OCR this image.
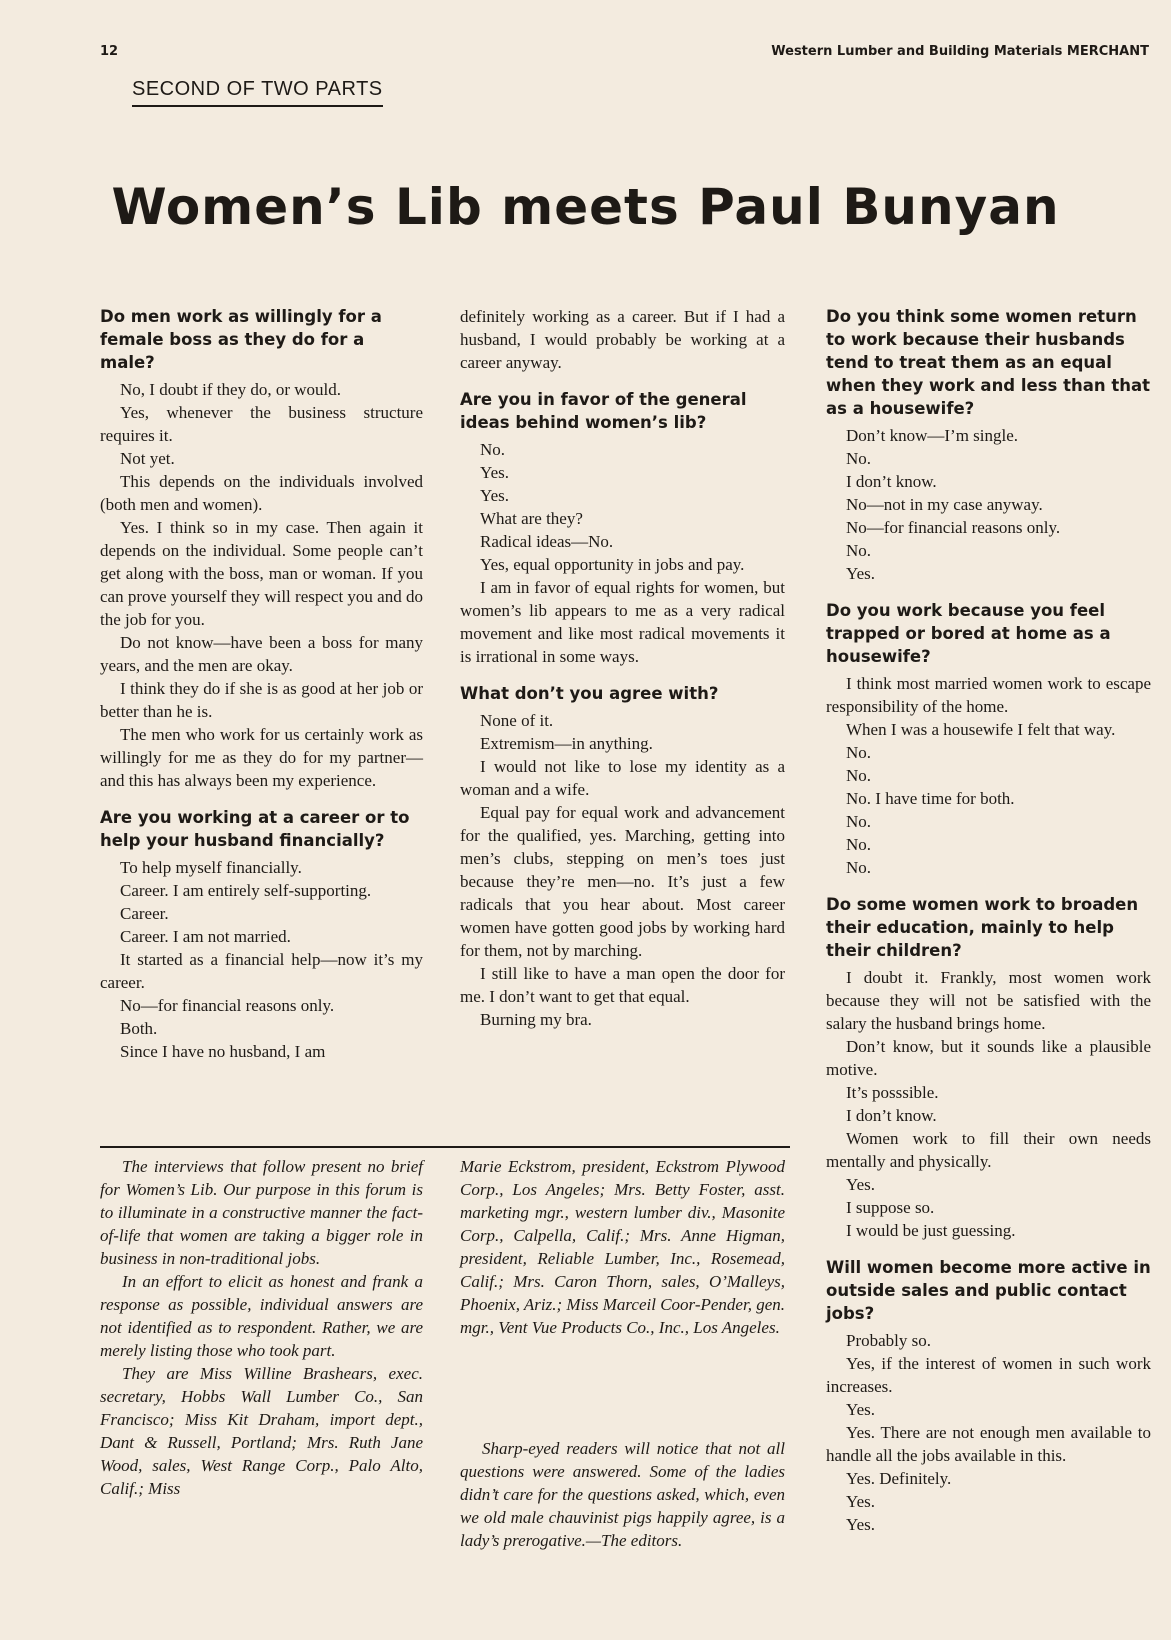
12	Western Lumber and Building Materials MERCHANT
SECOND OF TWO PARTS
Women’s Lib meets Paul Bunyan
Do men work as willingly for a female boss as they do for a male?

No, I doubt if they do, or would.

Yes, whenever the business structure requires it.

Not yet.

This depends on the individuals involved (both men and women).

Yes. I think so in my case. Then again it depends on the individual. Some people can’t get along with the boss, man or woman. If you can prove yourself they will respect you and do the job for you.

Do not know—have been a boss for many years, and the men are okay.

I think they do if she is as good at her job or better than he is.

The men who work for us certainly work as willingly for me as they do for my partner—and this has always been my experience.

Are you working at a career or to help your husband financially?

To help myself financially.

Career. I am entirely self-supporting.

Career.

Career. I am not married.

It started as a financial help—now it’s my career.

No—for financial reasons only.

Both.

Since I have no husband, I am

definitely working as a career. But if I had a husband, I would probably be working at a career anyway.

Are you in favor of the general ideas behind women’s lib?

No.

Yes.

Yes.

What are they?

Radical ideas—No.

Yes, equal opportunity in jobs and pay.

I am in favor of equal rights for women, but women’s lib appears to me as a very radical movement and like most radical movements it is irrational in some ways.

What don’t you agree with?

None of it.

Extremism—in anything.

I would not like to lose my identity as a woman and a wife.

Equal pay for equal work and advancement for the qualified, yes. Marching, getting into men’s clubs, stepping on men’s toes just because they’re men—no. It’s just a few radicals that you hear about. Most career women have gotten good jobs by working hard for them, not by marching.

I still like to have a man open the door for me. I don’t want to get that equal.

Burning my bra.

Do you think some women return to work because their husbands tend to treat them as an equal when they work and less than that as a housewife?

Don’t know—I’m single.

No.

I don’t know.

No—not in my case anyway.

No—for financial reasons only.

No.

Yes.

Do you work because you feel trapped or bored at home as a housewife?

I think most married women work to escape responsibility of the home.

When I was a housewife I felt that way.

No.

No.

No. I have time for both.

No.

No.

No.

Do some women work to broaden their education, mainly to help their children?

I doubt it. Frankly, most women work because they will not be satisfied with the salary the husband brings home.

Don’t know, but it sounds like a plausible motive.

It’s posssible.

I don’t know.

Women work to fill their own needs mentally and physically.

Yes.

I suppose so.

I would be just guessing.

Will women become more active in outside sales and public contact jobs?

Probably so.

Yes, if the interest of women in such work increases.

Yes.

Yes. There are not enough men available to handle all the jobs available in this.

Yes. Definitely.

Yes.

Yes.

The interviews that follow present no brief for Women’s Lib. Our purpose in this forum is to illuminate in a constructive manner the fact-of-life that women are taking a bigger role in business in non-traditional jobs.

In an effort to elicit as honest and frank a response as possible, individual answers are not identified as to respondent. Rather, we are merely listing those who took part.

They are Miss Willine Brashears, exec. secretary, Hobbs Wall Lumber Co., San Francisco; Miss Kit Draham, import dept., Dant & Russell, Portland; Mrs. Ruth Jane Wood, sales, West Range Corp., Palo Alto, Calif.; Miss

Marie Eckstrom, president, Eckstrom Plywood Corp., Los Angeles; Mrs. Betty Foster, asst. marketing mgr., western lumber div., Masonite Corp., Calpella, Calif.; Mrs. Anne Higman, president, Reliable Lumber, Inc., Rosemead, Calif.; Mrs. Caron Thorn, sales, O’Malleys, Phoenix, Ariz.; Miss Marceil Coor-Pender, gen. mgr., Vent Vue Products Co., Inc., Los Angeles.

Sharp-eyed readers will notice that not all questions were answered. Some of the ladies didn’t care for the questions asked, which, even we old male chauvinist pigs happily agree, is a lady’s prerogative.—The editors.
